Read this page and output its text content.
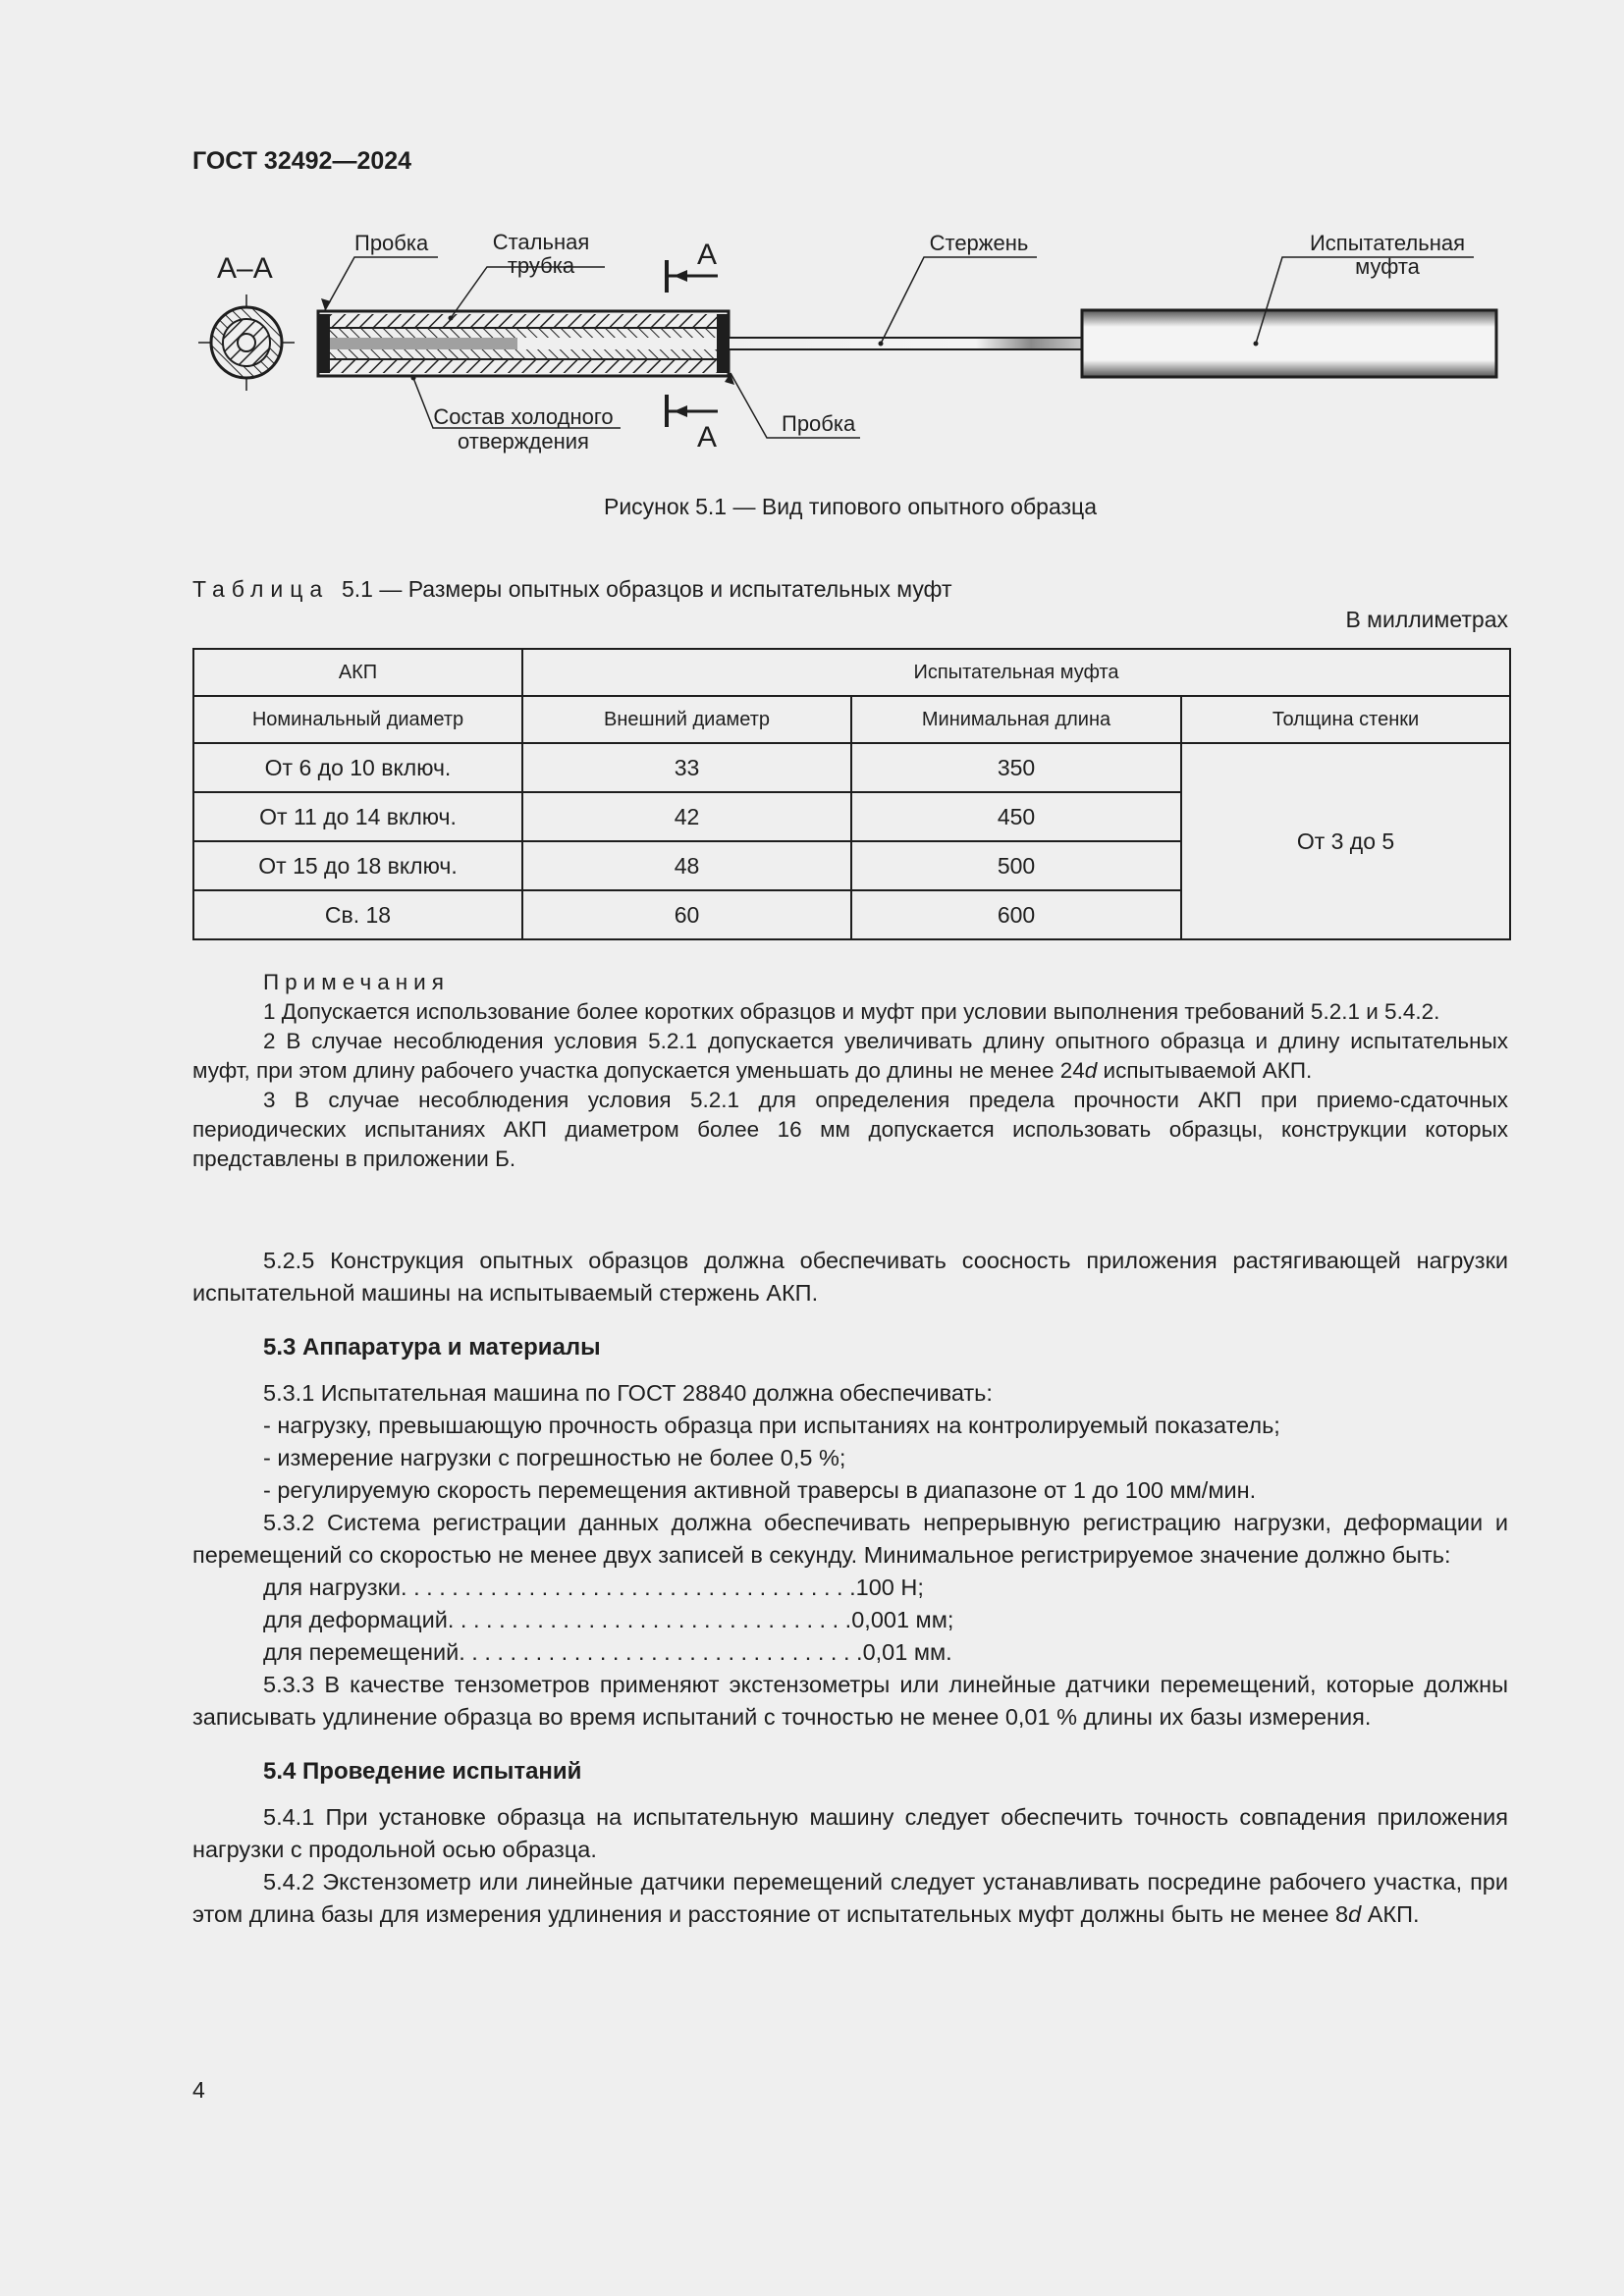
ГОСТ 32492—2024
А–А	А
А
Пробка	Стальная
трубка
Стержень	Испытательная
муфта
Состав холодного
отверждения
Пробка
Рисунок 5.1 — Вид типового опытного образца
Таблица 5.1 — Размеры опытных образцов и испытательных муфт
В миллиметрах
АКП	Испытательная муфта		
Номинальный диаметр	Внешний диаметр	Минимальная длина	Толщина стенки
От 6 до 10 включ.	33	350	От 3 до 5
От 11 до 14 включ.	42	450	
От 15 до 18 включ.	48	500	
Св. 18	60	600	

Примечания

1 Допускается использование более коротких образцов и муфт при условии выполнения требований 5.2.1 и 5.4.2.

2 В случае несоблюдения условия 5.2.1 допускается увеличивать длину опытного образца и длину испытательных муфт, при этом длину рабочего участка допускается уменьшать до длины не менее 24d испытываемой АКП.

3 В случае несоблюдения условия 5.2.1 для определения предела прочности АКП при приемо-сдаточных периодических испытаниях АКП диаметром более 16 мм допускается использовать образцы, конструкции которых представлены в приложении Б.

5.2.5 Конструкция опытных образцов должна обеспечивать соосность приложения растягивающей нагрузки испытательной машины на испытываемый стержень АКП.

5.3 Аппаратура и материалы

5.3.1 Испытательная машина по ГОСТ 28840 должна обеспечивать:

- нагрузку, превышающую прочность образца при испытаниях на контролируемый показатель;

- измерение нагрузки с погрешностью не более 0,5 %;

- регулируемую скорость перемещения активной траверсы в диапазоне от 1 до 100 мм/мин.

5.3.2 Система регистрации данных должна обеспечивать непрерывную регистрацию нагрузки, деформации и перемещений со скоростью не менее двух записей в секунду. Минимальное регистрируемое значение должно быть:

для нагрузки . . . . . . . . . . . . . . . . . . . . . . . . . . . . . . . . . . . . 100 Н;
для деформаций . . . . . . . . . . . . . . . . . . . . . . . . . . . . . . . . 0,001 мм;
для перемещений . . . . . . . . . . . . . . . . . . . . . . . . . . . . . . . . 0,01 мм.

5.3.3 В качестве тензометров применяют экстензометры или линейные датчики перемещений, которые должны записывать удлинение образца во время испытаний с точностью не менее 0,01 % длины их базы измерения.

5.4 Проведение испытаний

5.4.1 При установке образца на испытательную машину следует обеспечить точность совпадения приложения нагрузки с продольной осью образца.

5.4.2 Экстензометр или линейные датчики перемещений следует устанавливать посредине рабочего участка, при этом длина базы для измерения удлинения и расстояние от испытательных муфт должны быть не менее 8d АКП.

4
